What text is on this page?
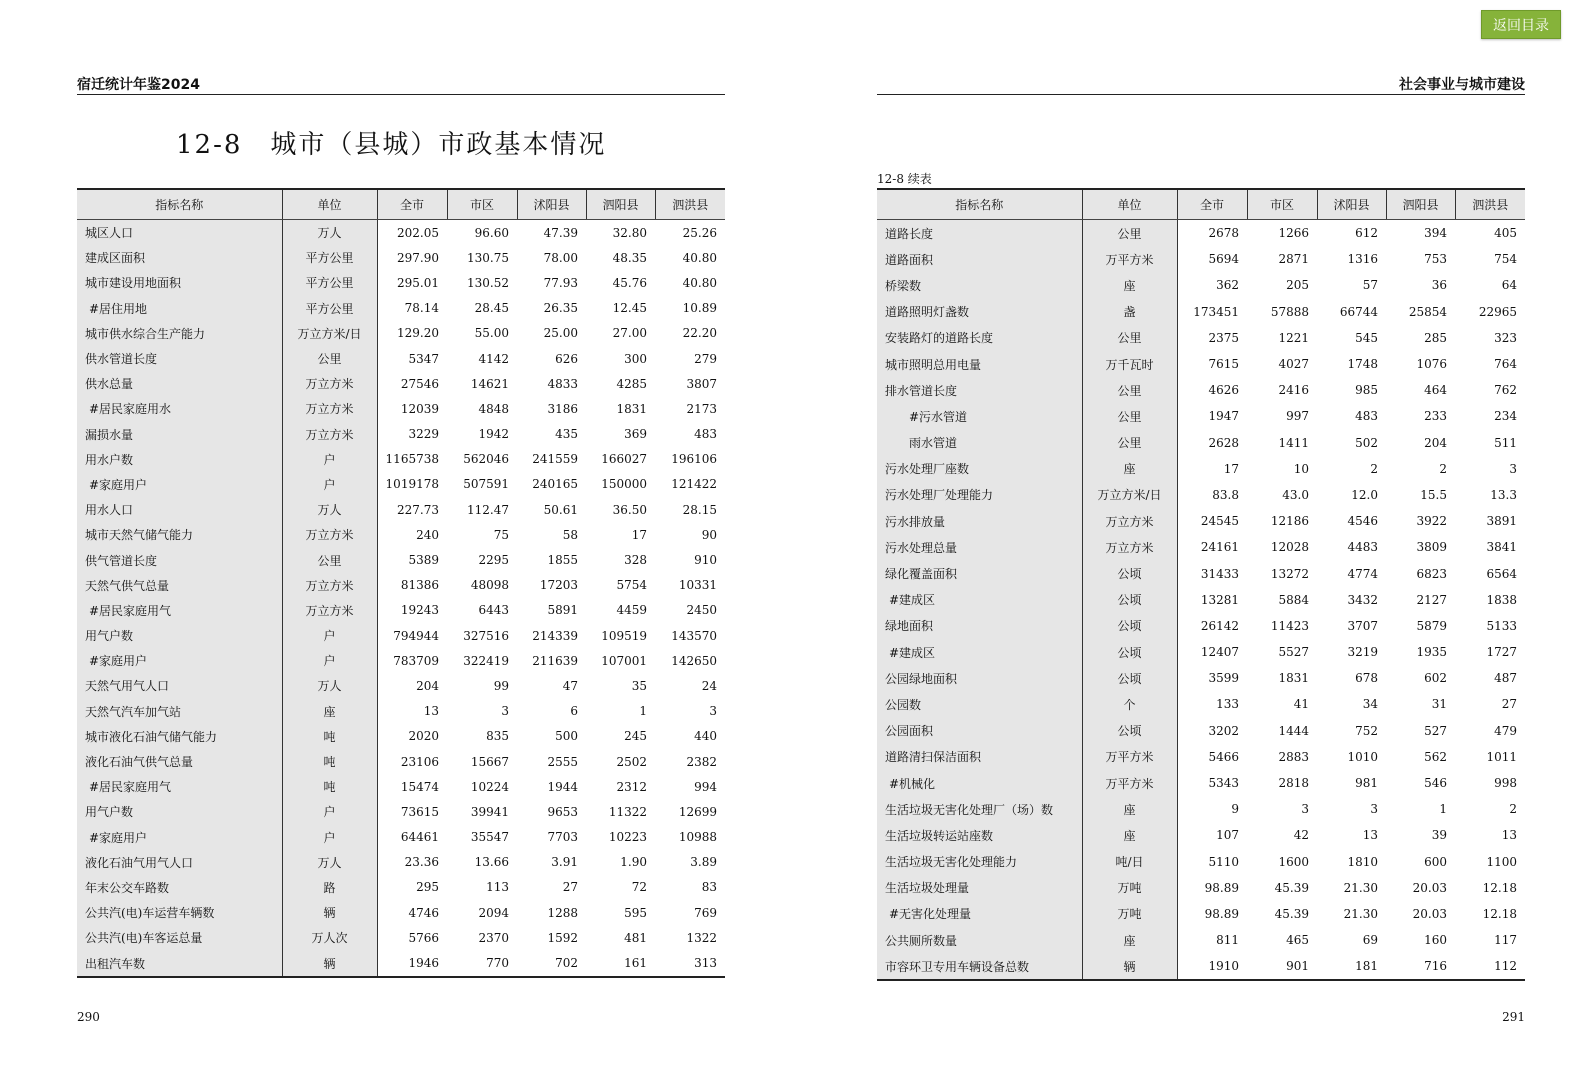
返回目录
宿迁统计年鉴2024
12-8　城市（县城）市政基本情况
指标名称	单位	全市	市区	沭阳县	泗阳县	泗洪县
城区人口	万人	202.05	96.60	47.39	32.80	25.26
建成区面积	平方公里	297.90	130.75	78.00	48.35	40.80
城市建设用地面积	平方公里	295.01	130.52	77.93	45.76	40.80
#居住用地	平方公里	78.14	28.45	26.35	12.45	10.89
城市供水综合生产能力	万立方米/日	129.20	55.00	25.00	27.00	22.20
供水管道长度	公里	5347	4142	626	300	279
供水总量	万立方米	27546	14621	4833	4285	3807
#居民家庭用水	万立方米	12039	4848	3186	1831	2173
漏损水量	万立方米	3229	1942	435	369	483
用水户数	户	1165738	562046	241559	166027	196106
#家庭用户	户	1019178	507591	240165	150000	121422
用水人口	万人	227.73	112.47	50.61	36.50	28.15
城市天然气储气能力	万立方米	240	75	58	17	90
供气管道长度	公里	5389	2295	1855	328	910
天然气供气总量	万立方米	81386	48098	17203	5754	10331
#居民家庭用气	万立方米	19243	6443	5891	4459	2450
用气户数	户	794944	327516	214339	109519	143570
#家庭用户	户	783709	322419	211639	107001	142650
天然气用气人口	万人	204	99	47	35	24
天然气汽车加气站	座	13	3	6	1	3
城市液化石油气储气能力	吨	2020	835	500	245	440
液化石油气供气总量	吨	23106	15667	2555	2502	2382
#居民家庭用气	吨	15474	10224	1944	2312	994
用气户数	户	73615	39941	9653	11322	12699
#家庭用户	户	64461	35547	7703	10223	10988
液化石油气用气人口	万人	23.36	13.66	3.91	1.90	3.89
年末公交车路数	路	295	113	27	72	83
公共汽(电)车运营车辆数	辆	4746	2094	1288	595	769
公共汽(电)车客运总量	万人次	5766	2370	1592	481	1322
出租汽车数	辆	1946	770	702	161	313
290
社会事业与城市建设
12-8 续表
指标名称	单位	全市	市区	沭阳县	泗阳县	泗洪县
道路长度	公里	2678	1266	612	394	405
道路面积	万平方米	5694	2871	1316	753	754
桥梁数	座	362	205	57	36	64
道路照明灯盏数	盏	173451	57888	66744	25854	22965
安装路灯的道路长度	公里	2375	1221	545	285	323
城市照明总用电量	万千瓦时	7615	4027	1748	1076	764
排水管道长度	公里	4626	2416	985	464	762
#污水管道	公里	1947	997	483	233	234
雨水管道	公里	2628	1411	502	204	511
污水处理厂座数	座	17	10	2	2	3
污水处理厂处理能力	万立方米/日	83.8	43.0	12.0	15.5	13.3
污水排放量	万立方米	24545	12186	4546	3922	3891
污水处理总量	万立方米	24161	12028	4483	3809	3841
绿化覆盖面积	公顷	31433	13272	4774	6823	6564
#建成区	公顷	13281	5884	3432	2127	1838
绿地面积	公顷	26142	11423	3707	5879	5133
#建成区	公顷	12407	5527	3219	1935	1727
公园绿地面积	公顷	3599	1831	678	602	487
公园数	个	133	41	34	31	27
公园面积	公顷	3202	1444	752	527	479
道路清扫保洁面积	万平方米	5466	2883	1010	562	1011
#机械化	万平方米	5343	2818	981	546	998
生活垃圾无害化处理厂（场）数	座	9	3	3	1	2
生活垃圾转运站座数	座	107	42	13	39	13
生活垃圾无害化处理能力	吨/日	5110	1600	1810	600	1100
生活垃圾处理量	万吨	98.89	45.39	21.30	20.03	12.18
#无害化处理量	万吨	98.89	45.39	21.30	20.03	12.18
公共厕所数量	座	811	465	69	160	117
市容环卫专用车辆设备总数	辆	1910	901	181	716	112
291
